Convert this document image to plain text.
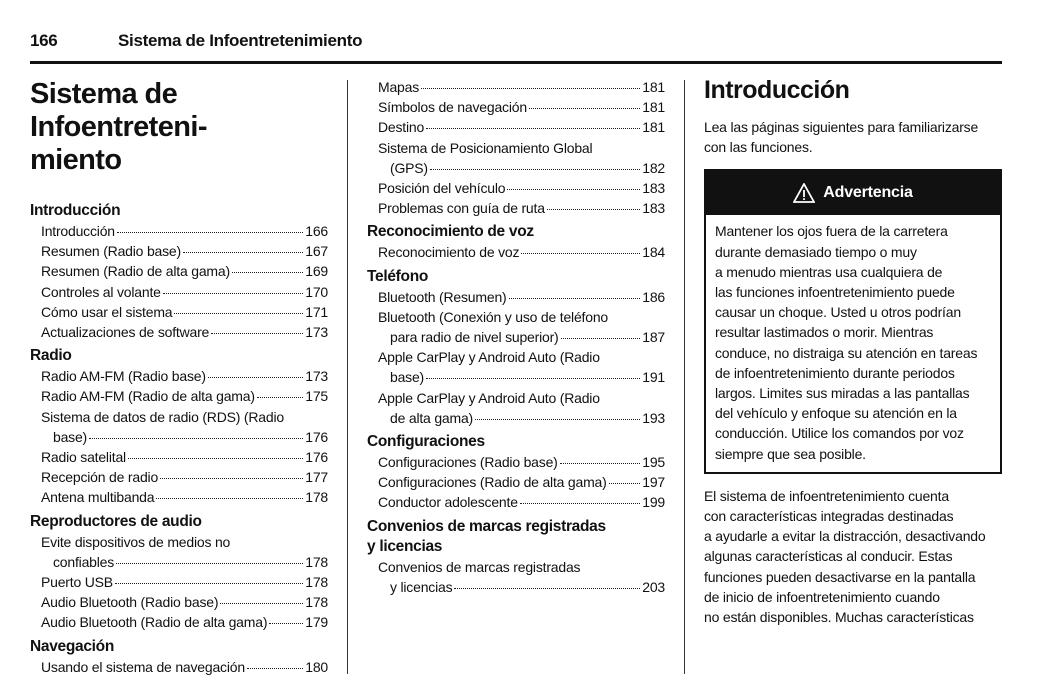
166	Sistema de Infoentretenimiento
Sistema de Infoentreteni-
miento
Introducción
Introducción	166
Resumen (Radio base)	167
Resumen (Radio de alta gama)	169
Controles al volante	170
Cómo usar el sistema	171
Actualizaciones de software	173
Radio
Radio AM-FM (Radio base)	173
Radio AM-FM (Radio de alta gama)	175
Sistema de datos de radio (RDS) (Radio
base)	176
Radio satelital	176
Recepción de radio	177
Antena multibanda	178
Reproductores de audio
Evite dispositivos de medios no
confiables	178
Puerto USB	178
Audio Bluetooth (Radio base)	178
Audio Bluetooth (Radio de alta gama)	179
Navegación
Usando el sistema de navegación	180
Mapas	181
Símbolos de navegación	181
Destino	181
Sistema de Posicionamiento Global
(GPS)	182
Posición del vehículo	183
Problemas con guía de ruta	183
Reconocimiento de voz
Reconocimiento de voz	184
Teléfono
Bluetooth (Resumen)	186
Bluetooth (Conexión y uso de teléfono
para radio de nivel superior)	187
Apple CarPlay y Android Auto (Radio
base)	191
Apple CarPlay y Android Auto (Radio
de alta gama)	193
Configuraciones
Configuraciones (Radio base)	195
Configuraciones (Radio de alta gama)	197
Conductor adolescente	199
Convenios de marcas registradas
y licencias
Convenios de marcas registradas
y licencias	203
Introducción

Lea las páginas siguientes para familiarizarse
con las funciones.

Advertencia

Mantener los ojos fuera de la carretera
durante demasiado tiempo o muy
a menudo mientras usa cualquiera de
las funciones infoentretenimiento puede
causar un choque. Usted u otros podrían
resultar lastimados o morir. Mientras
conduce, no distraiga su atención en tareas
de infoentretenimiento durante periodos
largos. Limites sus miradas a las pantallas
del vehículo y enfoque su atención en la
conducción. Utilice los comandos por voz
siempre que sea posible.

El sistema de infoentretenimiento cuenta
con características integradas destinadas
a ayudarle a evitar la distracción, desactivando
algunas características al conducir. Estas
funciones pueden desactivarse en la pantalla
de inicio de infoentretenimiento cuando
no están disponibles. Muchas características
